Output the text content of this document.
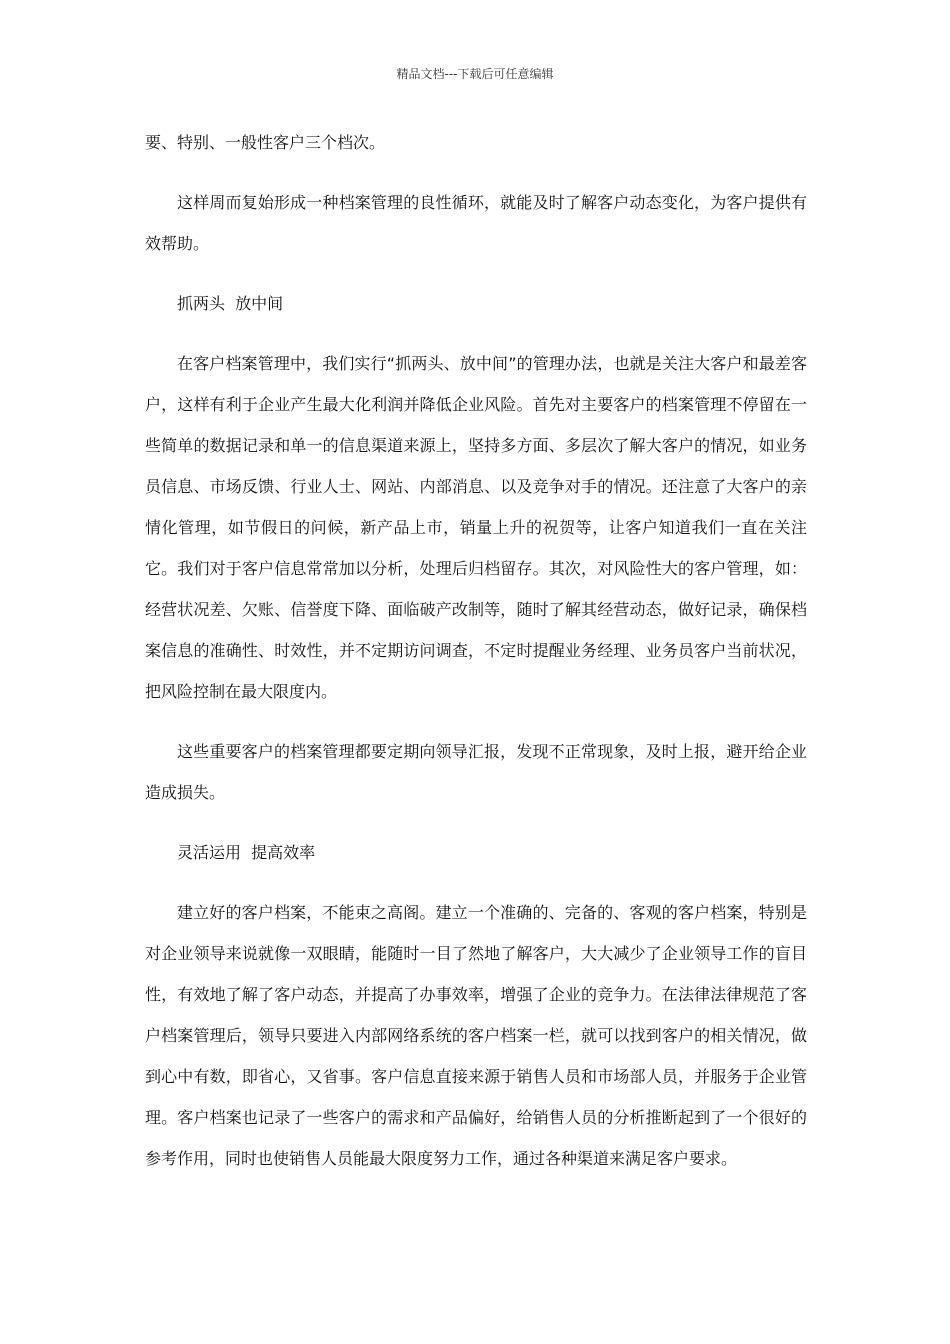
精品文档---下载后可任意编辑

要、特别、一般性客户三个档次。

这样周而复始形成一种档案管理的良性循环，就能及时了解客户动态变化，为客户提供有效帮助。

抓两头  放中间

在客户档案管理中，我们实行“抓两头、放中间”的管理办法，也就是关注大客户和最差客户，这样有利于企业产生最大化利润并降低企业风险。首先对主要客户的档案管理不停留在一些简单的数据记录和单一的信息渠道来源上，坚持多方面、多层次了解大客户的情况，如业务员信息、市场反馈、行业人士、网站、内部消息、以及竞争对手的情况。还注意了大客户的亲情化管理，如节假日的问候，新产品上市，销量上升的祝贺等，让客户知道我们一直在关注它。我们对于客户信息常常加以分析，处理后归档留存。其次，对风险性大的客户管理，如：经营状况差、欠账、信誉度下降、面临破产改制等，随时了解其经营动态，做好记录，确保档案信息的准确性、时效性，并不定期访问调查，不定时提醒业务经理、业务员客户当前状况，把风险控制在最大限度内。

这些重要客户的档案管理都要定期向领导汇报，发现不正常现象，及时上报，避开给企业造成损失。

灵活运用  提高效率

建立好的客户档案，不能束之高阁。建立一个准确的、完备的、客观的客户档案，特别是对企业领导来说就像一双眼睛，能随时一目了然地了解客户，大大减少了企业领导工作的盲目性，有效地了解了客户动态，并提高了办事效率，增强了企业的竞争力。在法律法律规范了客户档案管理后，领导只要进入内部网络系统的客户档案一栏，就可以找到客户的相关情况，做到心中有数，即省心，又省事。客户信息直接来源于销售人员和市场部人员，并服务于企业管理。客户档案也记录了一些客户的需求和产品偏好，给销售人员的分析推断起到了一个很好的参考作用，同时也使销售人员能最大限度努力工作，通过各种渠道来满足客户要求。
